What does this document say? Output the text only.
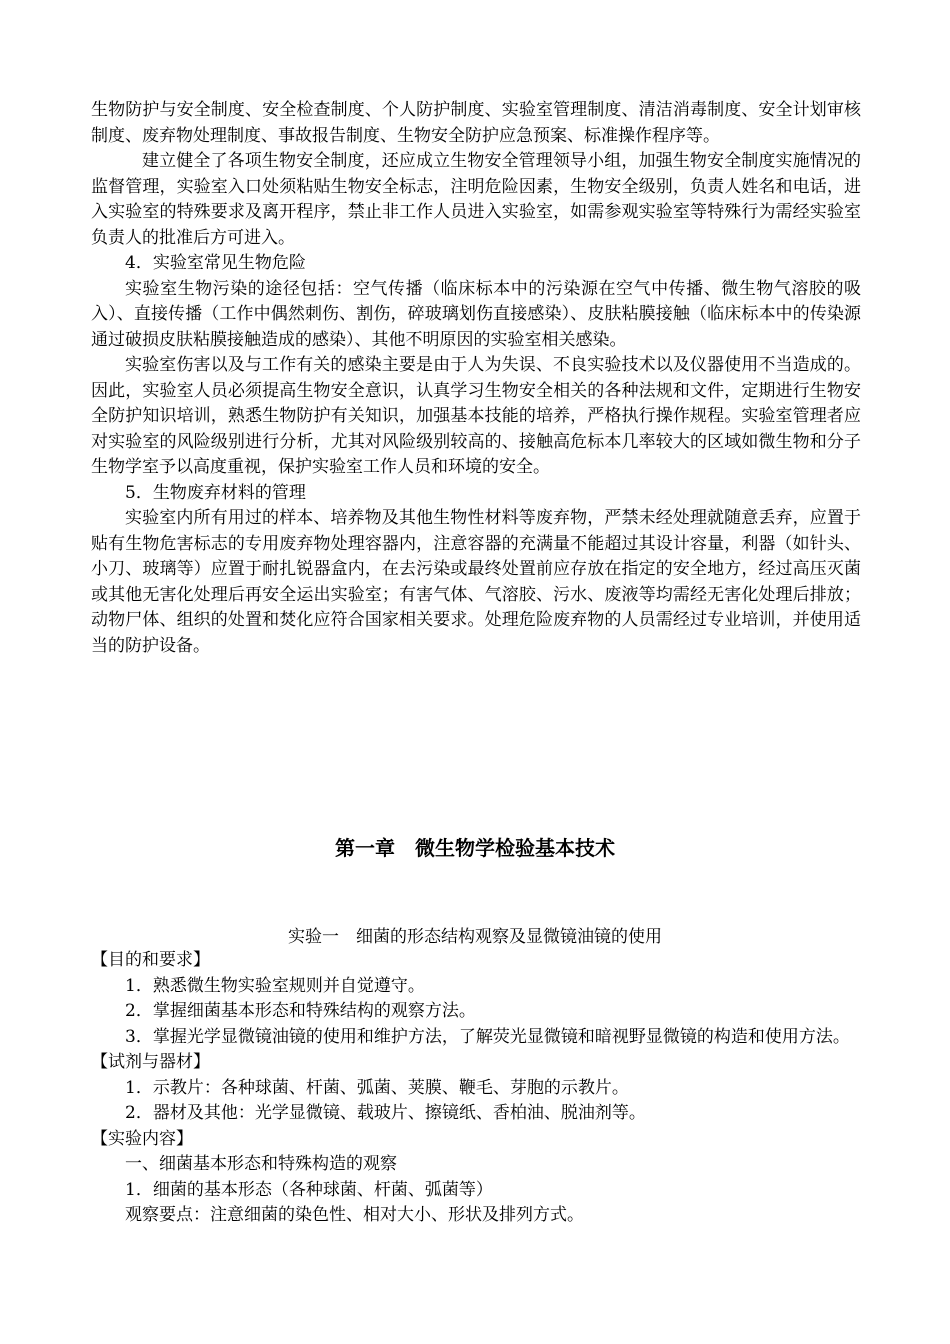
生物防护与安全制度、安全检查制度、个人防护制度、实验室管理制度、清洁消毒制度、安全计划审核制度、废弃物处理制度、事故报告制度、生物安全防护应急预案、标准操作程序等。

建立健全了各项生物安全制度，还应成立生物安全管理领导小组，加强生物安全制度实施情况的监督管理，实验室入口处须粘贴生物安全标志，注明危险因素，生物安全级别，负责人姓名和电话，进入实验室的特殊要求及离开程序，禁止非工作人员进入实验室，如需参观实验室等特殊行为需经实验室负责人的批准后方可进入。

4．实验室常见生物危险

实验室生物污染的途径包括：空气传播（临床标本中的污染源在空气中传播、微生物气溶胶的吸入）、直接传播（工作中偶然刺伤、割伤，碎玻璃划伤直接感染）、皮肤粘膜接触（临床标本中的传染源通过破损皮肤粘膜接触造成的感染）、其他不明原因的实验室相关感染。

实验室伤害以及与工作有关的感染主要是由于人为失误、不良实验技术以及仪器使用不当造成的。因此，实验室人员必须提高生物安全意识，认真学习生物安全相关的各种法规和文件，定期进行生物安全防护知识培训，熟悉生物防护有关知识，加强基本技能的培养，严格执行操作规程。实验室管理者应对实验室的风险级别进行分析，尤其对风险级别较高的、接触高危标本几率较大的区域如微生物和分子生物学室予以高度重视，保护实验室工作人员和环境的安全。

5．生物废弃材料的管理

实验室内所有用过的样本、培养物及其他生物性材料等废弃物，严禁未经处理就随意丢弃，应置于贴有生物危害标志的专用废弃物处理容器内，注意容器的充满量不能超过其设计容量，利器（如针头、小刀、玻璃等）应置于耐扎锐器盒内，在去污染或最终处置前应存放在指定的安全地方，经过高压灭菌或其他无害化处理后再安全运出实验室；有害气体、气溶胶、污水、废液等均需经无害化处理后排放；动物尸体、组织的处置和焚化应符合国家相关要求。处理危险废弃物的人员需经过专业培训，并使用适当的防护设备。

第一章　微生物学检验基本技术
实验一　细菌的形态结构观察及显微镜油镜的使用

【目的和要求】

1．熟悉微生物实验室规则并自觉遵守。

2．掌握细菌基本形态和特殊结构的观察方法。

3．掌握光学显微镜油镜的使用和维护方法，了解荧光显微镜和暗视野显微镜的构造和使用方法。

【试剂与器材】

1．示教片：各种球菌、杆菌、弧菌、荚膜、鞭毛、芽胞的示教片。

2．器材及其他：光学显微镜、载玻片、擦镜纸、香柏油、脱油剂等。

【实验内容】

一、细菌基本形态和特殊构造的观察

1．细菌的基本形态（各种球菌、杆菌、弧菌等）

观察要点：注意细菌的染色性、相对大小、形状及排列方式。
